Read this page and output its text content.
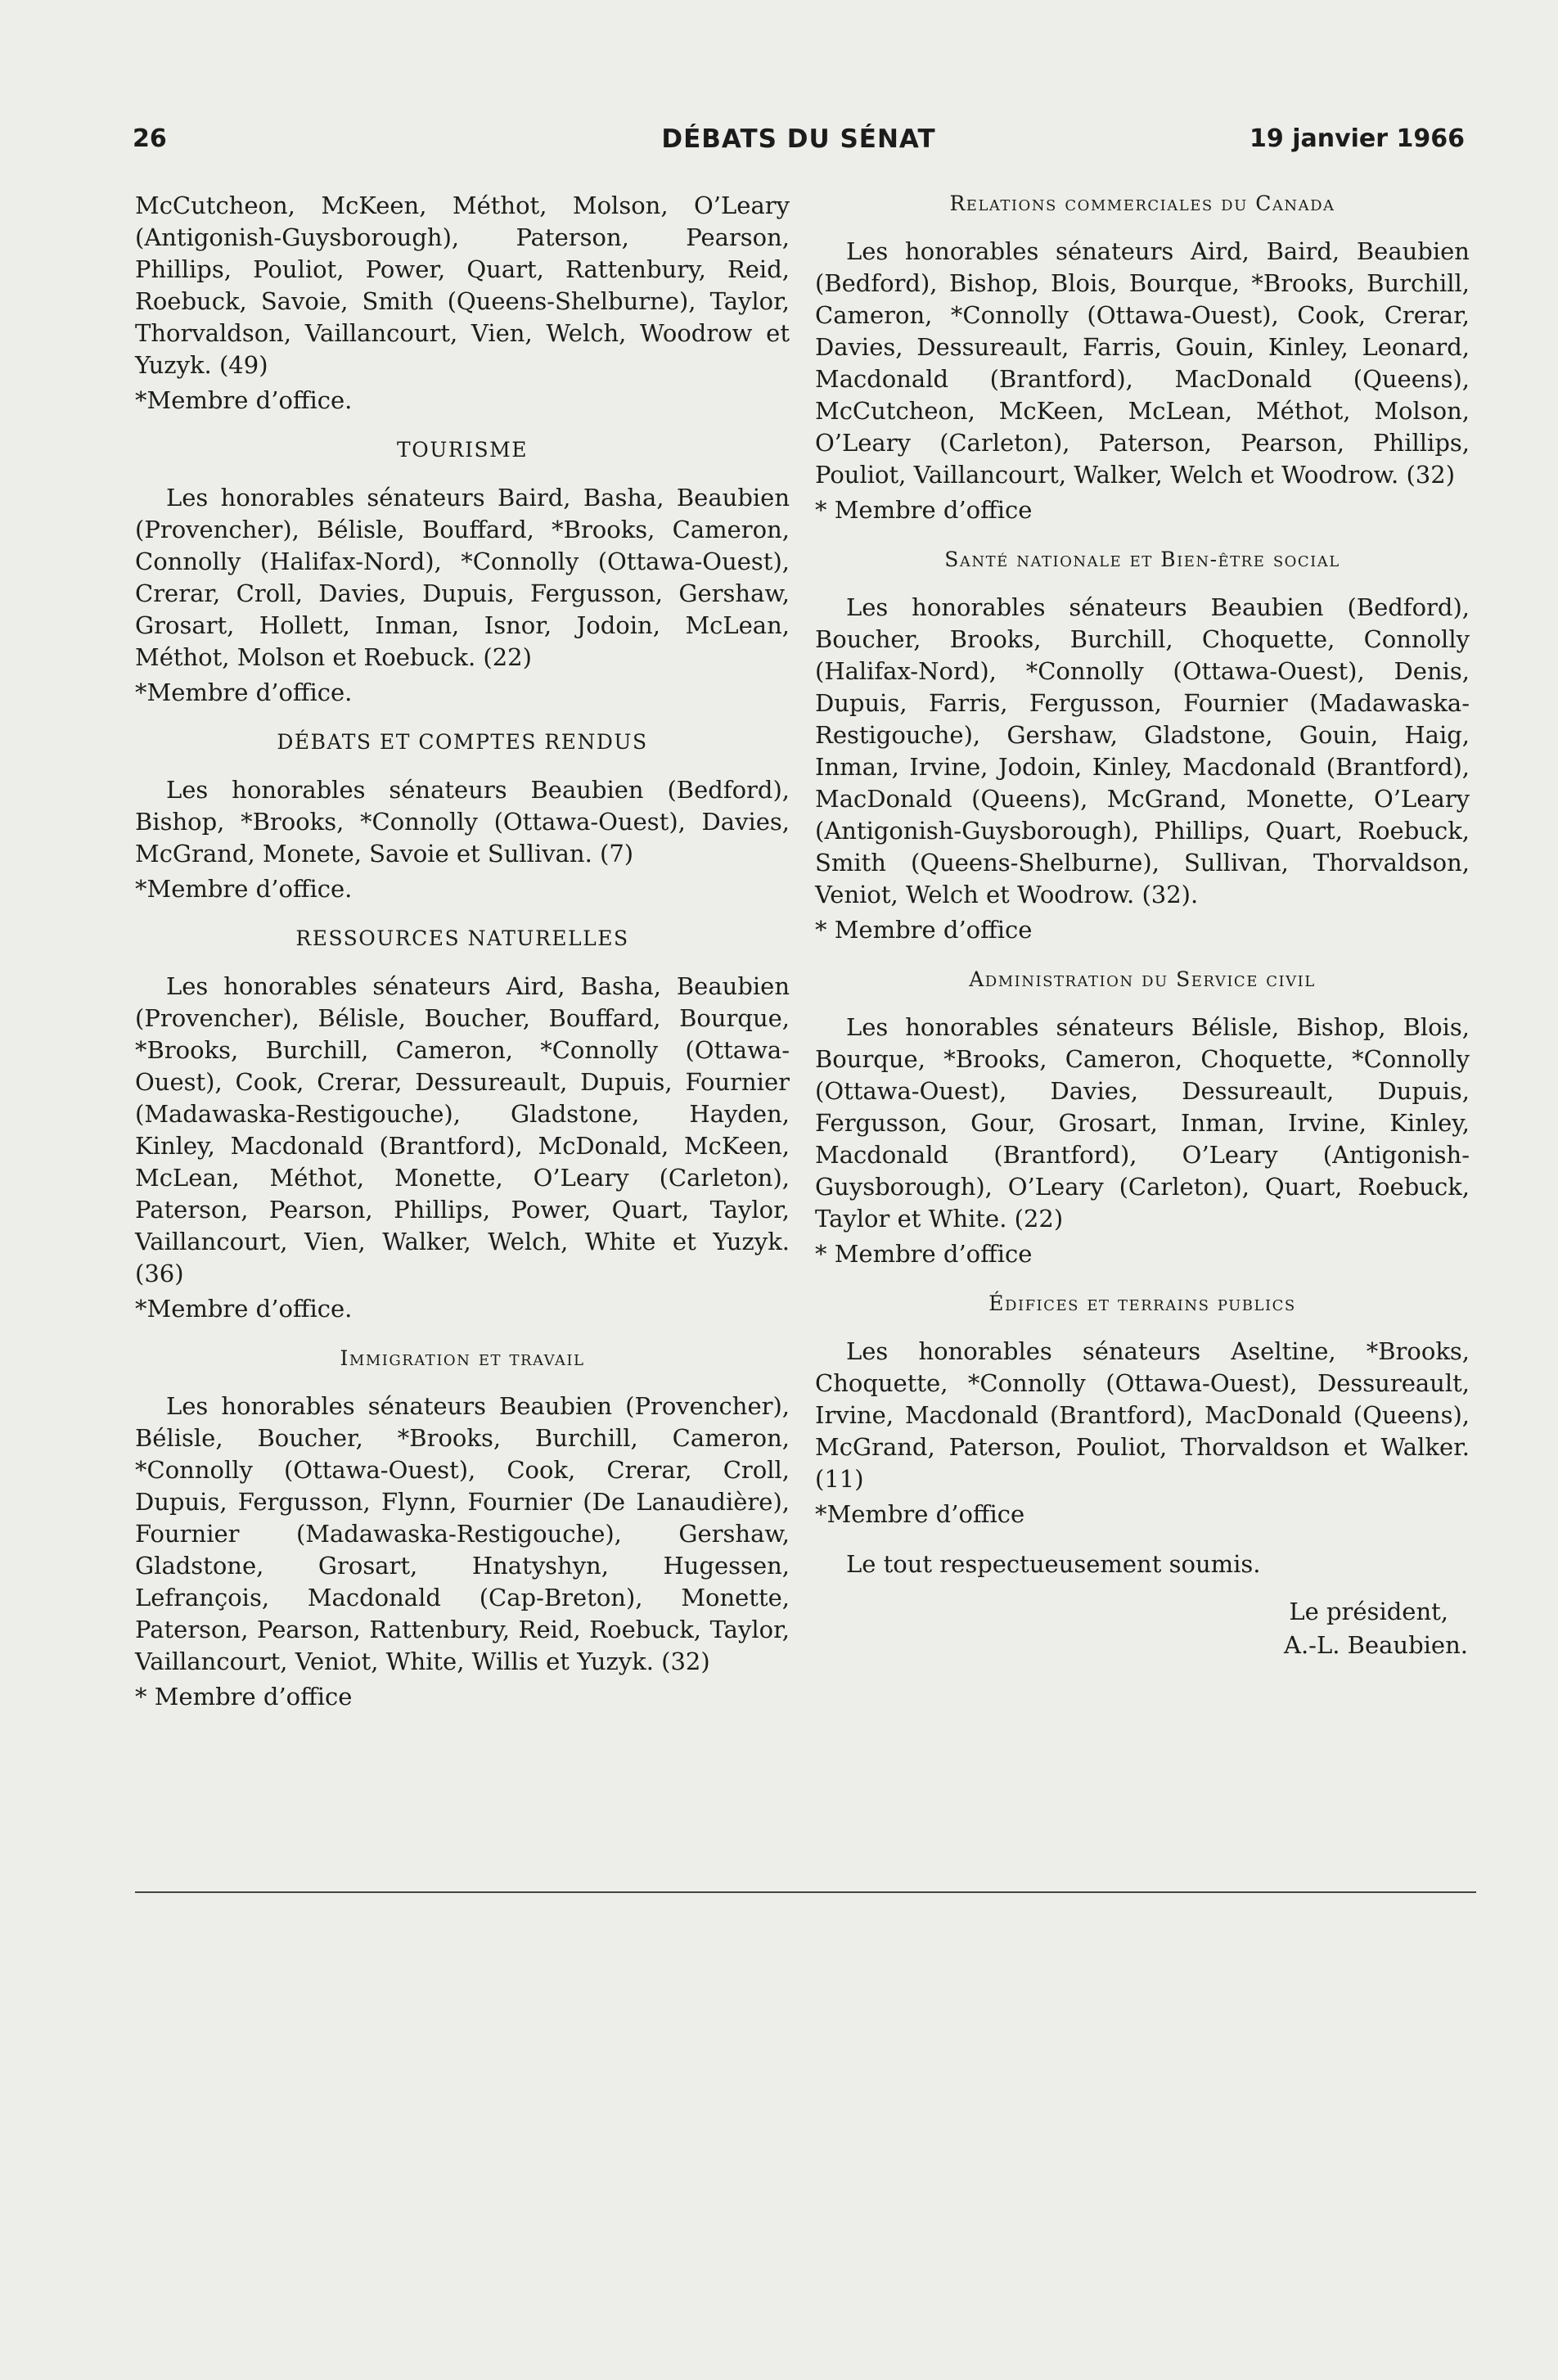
26	DÉBATS DU SÉNAT	19 janvier 1966

McCutcheon, McKeen, Méthot, Molson, O’Leary (Antigonish-Guysborough), Paterson, Pearson, Phillips, Pouliot, Power, Quart, Rattenbury, Reid, Roebuck, Savoie, Smith (Queens-Shelburne), Taylor, Thorvaldson, Vaillancourt, Vien, Welch, Woodrow et Yuzyk. (49)

*Membre d’office.
TOURISME

Les honorables sénateurs Baird, Basha, Beaubien (Provencher), Bélisle, Bouffard, *Brooks, Cameron, Connolly (Halifax-Nord), *Connolly (Ottawa-Ouest), Crerar, Croll, Davies, Dupuis, Fergusson, Gershaw, Grosart, Hollett, Inman, Isnor, Jodoin, McLean, Méthot, Molson et Roebuck. (22)

*Membre d’office.
DÉBATS ET COMPTES RENDUS

Les honorables sénateurs Beaubien (Bedford), Bishop, *Brooks, *Connolly (Ottawa-Ouest), Davies, McGrand, Monete, Savoie et Sullivan. (7)

*Membre d’office.
RESSOURCES NATURELLES

Les honorables sénateurs Aird, Basha, Beaubien (Provencher), Bélisle, Boucher, Bouffard, Bourque, *Brooks, Burchill, Cameron, *Connolly (Ottawa-Ouest), Cook, Crerar, Dessureault, Dupuis, Fournier (Madawaska-Restigouche), Gladstone, Hayden, Kinley, Macdonald (Brantford), McDonald, McKeen, McLean, Méthot, Monette, O’Leary (Carleton), Paterson, Pearson, Phillips, Power, Quart, Taylor, Vaillancourt, Vien, Walker, Welch, White et Yuzyk. (36)

*Membre d’office.
Immigration et travail

Les honorables sénateurs Beaubien (Provencher), Bélisle, Boucher, *Brooks, Burchill, Cameron, *Connolly (Ottawa-Ouest), Cook, Crerar, Croll, Dupuis, Fergusson, Flynn, Fournier (De Lanaudière), Fournier (Madawaska-Restigouche), Gershaw, Gladstone, Grosart, Hnatyshyn, Hugessen, Lefrançois, Macdonald (Cap-Breton), Monette, Paterson, Pearson, Rattenbury, Reid, Roebuck, Taylor, Vaillancourt, Veniot, White, Willis et Yuzyk. (32)

* Membre d’office
Relations commerciales du Canada

Les honorables sénateurs Aird, Baird, Beaubien (Bedford), Bishop, Blois, Bourque, *Brooks, Burchill, Cameron, *Connolly (Ottawa-Ouest), Cook, Crerar, Davies, Dessureault, Farris, Gouin, Kinley, Leonard, Macdonald (Brantford), MacDonald (Queens), McCutcheon, McKeen, McLean, Méthot, Molson, O’Leary (Carleton), Paterson, Pearson, Phillips, Pouliot, Vaillancourt, Walker, Welch et Woodrow. (32)

* Membre d’office
Santé nationale et Bien-être social

Les honorables sénateurs Beaubien (Bedford), Boucher, Brooks, Burchill, Choquette, Connolly (Halifax-Nord), *Connolly (Ottawa-Ouest), Denis, Dupuis, Farris, Fergusson, Fournier (Madawaska-Restigouche), Gershaw, Gladstone, Gouin, Haig, Inman, Irvine, Jodoin, Kinley, Macdonald (Brantford), MacDonald (Queens), McGrand, Monette, O’Leary (Antigonish-Guysborough), Phillips, Quart, Roebuck, Smith (Queens-Shelburne), Sullivan, Thorvaldson, Veniot, Welch et Woodrow. (32).

* Membre d’office
Administration du Service civil

Les honorables sénateurs Bélisle, Bishop, Blois, Bourque, *Brooks, Cameron, Choquette, *Connolly (Ottawa-Ouest), Davies, Dessureault, Dupuis, Fergusson, Gour, Grosart, Inman, Irvine, Kinley, Macdonald (Brantford), O’Leary (Antigonish-Guysborough), O’Leary (Carleton), Quart, Roebuck, Taylor et White. (22)

* Membre d’office
Édifices et terrains publics

Les honorables sénateurs Aseltine, *Brooks, Choquette, *Connolly (Ottawa-Ouest), Dessureault, Irvine, Macdonald (Brantford), MacDonald (Queens), McGrand, Paterson, Pouliot, Thorvaldson et Walker. (11)

*Membre d’office

Le tout respectueusement soumis.

Le président,
A.-L. Beaubien.
